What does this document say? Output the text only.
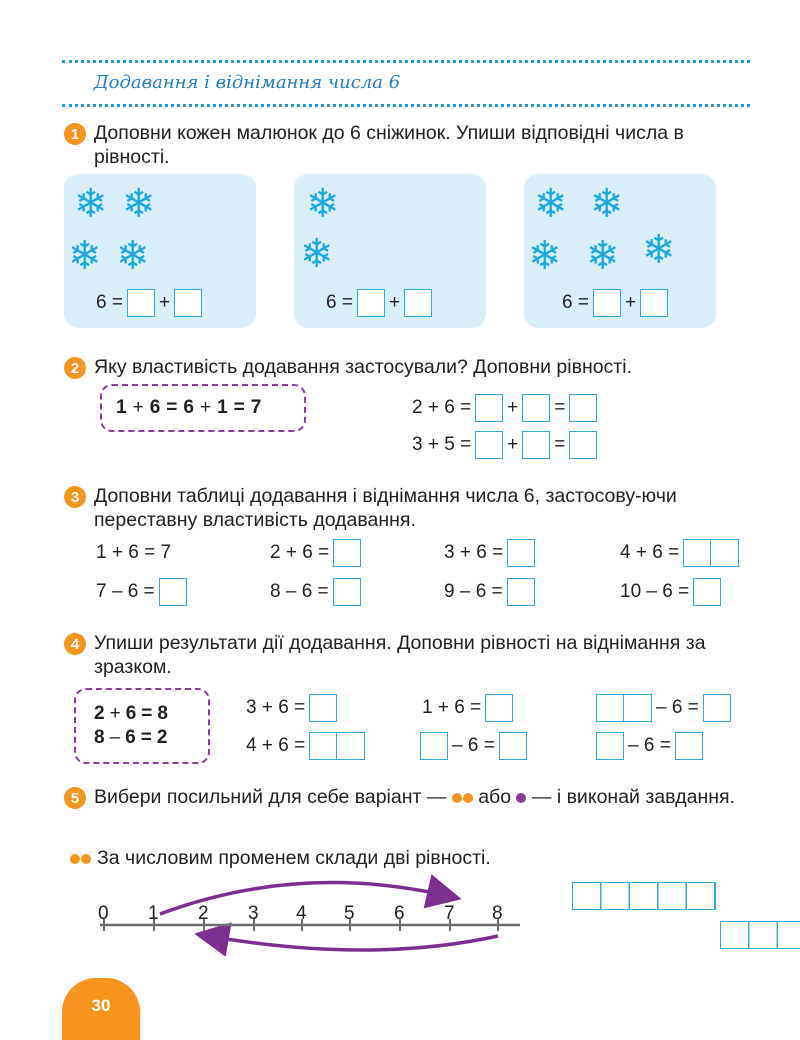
Додавання і віднімання числа 6
1 Доповни кожен малюнок до 6 сніжинок. Упиши відповідні числа в рівності.
❄ ❄
❄ ❄
6 = +
❄
❄
6 = +
❄ ❄
❄ ❄ ❄
6 = +
2 Яку властивість додавання застосували? Доповни рівності.
1 + 6 = 6 + 1 = 7	2 + 6 = + =
3 + 5 = + =
3 Доповни таблиці додавання і віднімання числа 6, застосову-ючи переставну властивість додавання.
1 + 6 = 7	2 + 6 =	3 + 6 =	4 + 6 =
7 – 6 =	8 – 6 =	9 – 6 =	10 – 6 =
4 Упиши результати дії додавання. Доповни рівності на віднімання за зразком.
2 + 6 = 8
8 – 6 = 2
3 + 6 =	1 + 6 =	– 6 =
4 + 6 =	– 6 =	– 6 =
5 Вибери посильний для себе варіант — або — і виконай завдання.
За числовим променем склади дві рівності.
0 1 2 3 4 5 6 7 8

30
